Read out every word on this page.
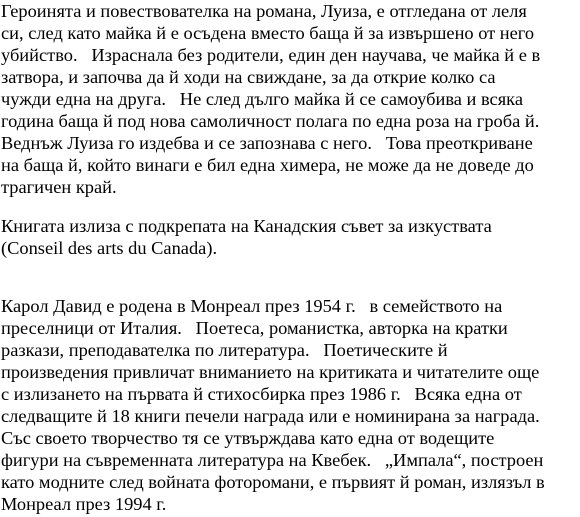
Героинята и повествователка на романа, Луиза, е отгледана от леля

си, след като майка й е осъдена вместо баща й за извършено от него

убийство.   Израснала без родители, един ден научава, че майка й е в

затвора, и започва да й ходи на свиждане, за да открие колко са

чужди една на друга.   Не след дълго майка й се самоубива и всяка

година баща й под нова самоличност полага по една роза на гроба й.

Веднъж Луиза го издебва и се запознава с него.   Това преоткриване

на баща й, който винаги е бил една химера, не може да не доведе до

трагичен край.

Книгата излиза с подкрепата на Канадския съвет за изкуствата

(Conseil des arts du Canada).

Карол Давид е родена в Монреал през 1954 г.   в семейството на

преселници от Италия.   Поетеса, романистка, авторка на кратки

разкази, преподавателка по литература.   Поетическите й

произведения привличат вниманието на критиката и читателите още

с излизането на първата й стихосбирка през 1986 г.   Всяка една от

следващите й 18 книги печели награда или е номинирана за награда.

Със своето творчество тя се утвърждава като една от водещите

фигури на съвременната литература на Квебек.   „Импала“, построен

като модните след войната фоторомани, е първият й роман, излязъл в

Монреал през 1994 г.
